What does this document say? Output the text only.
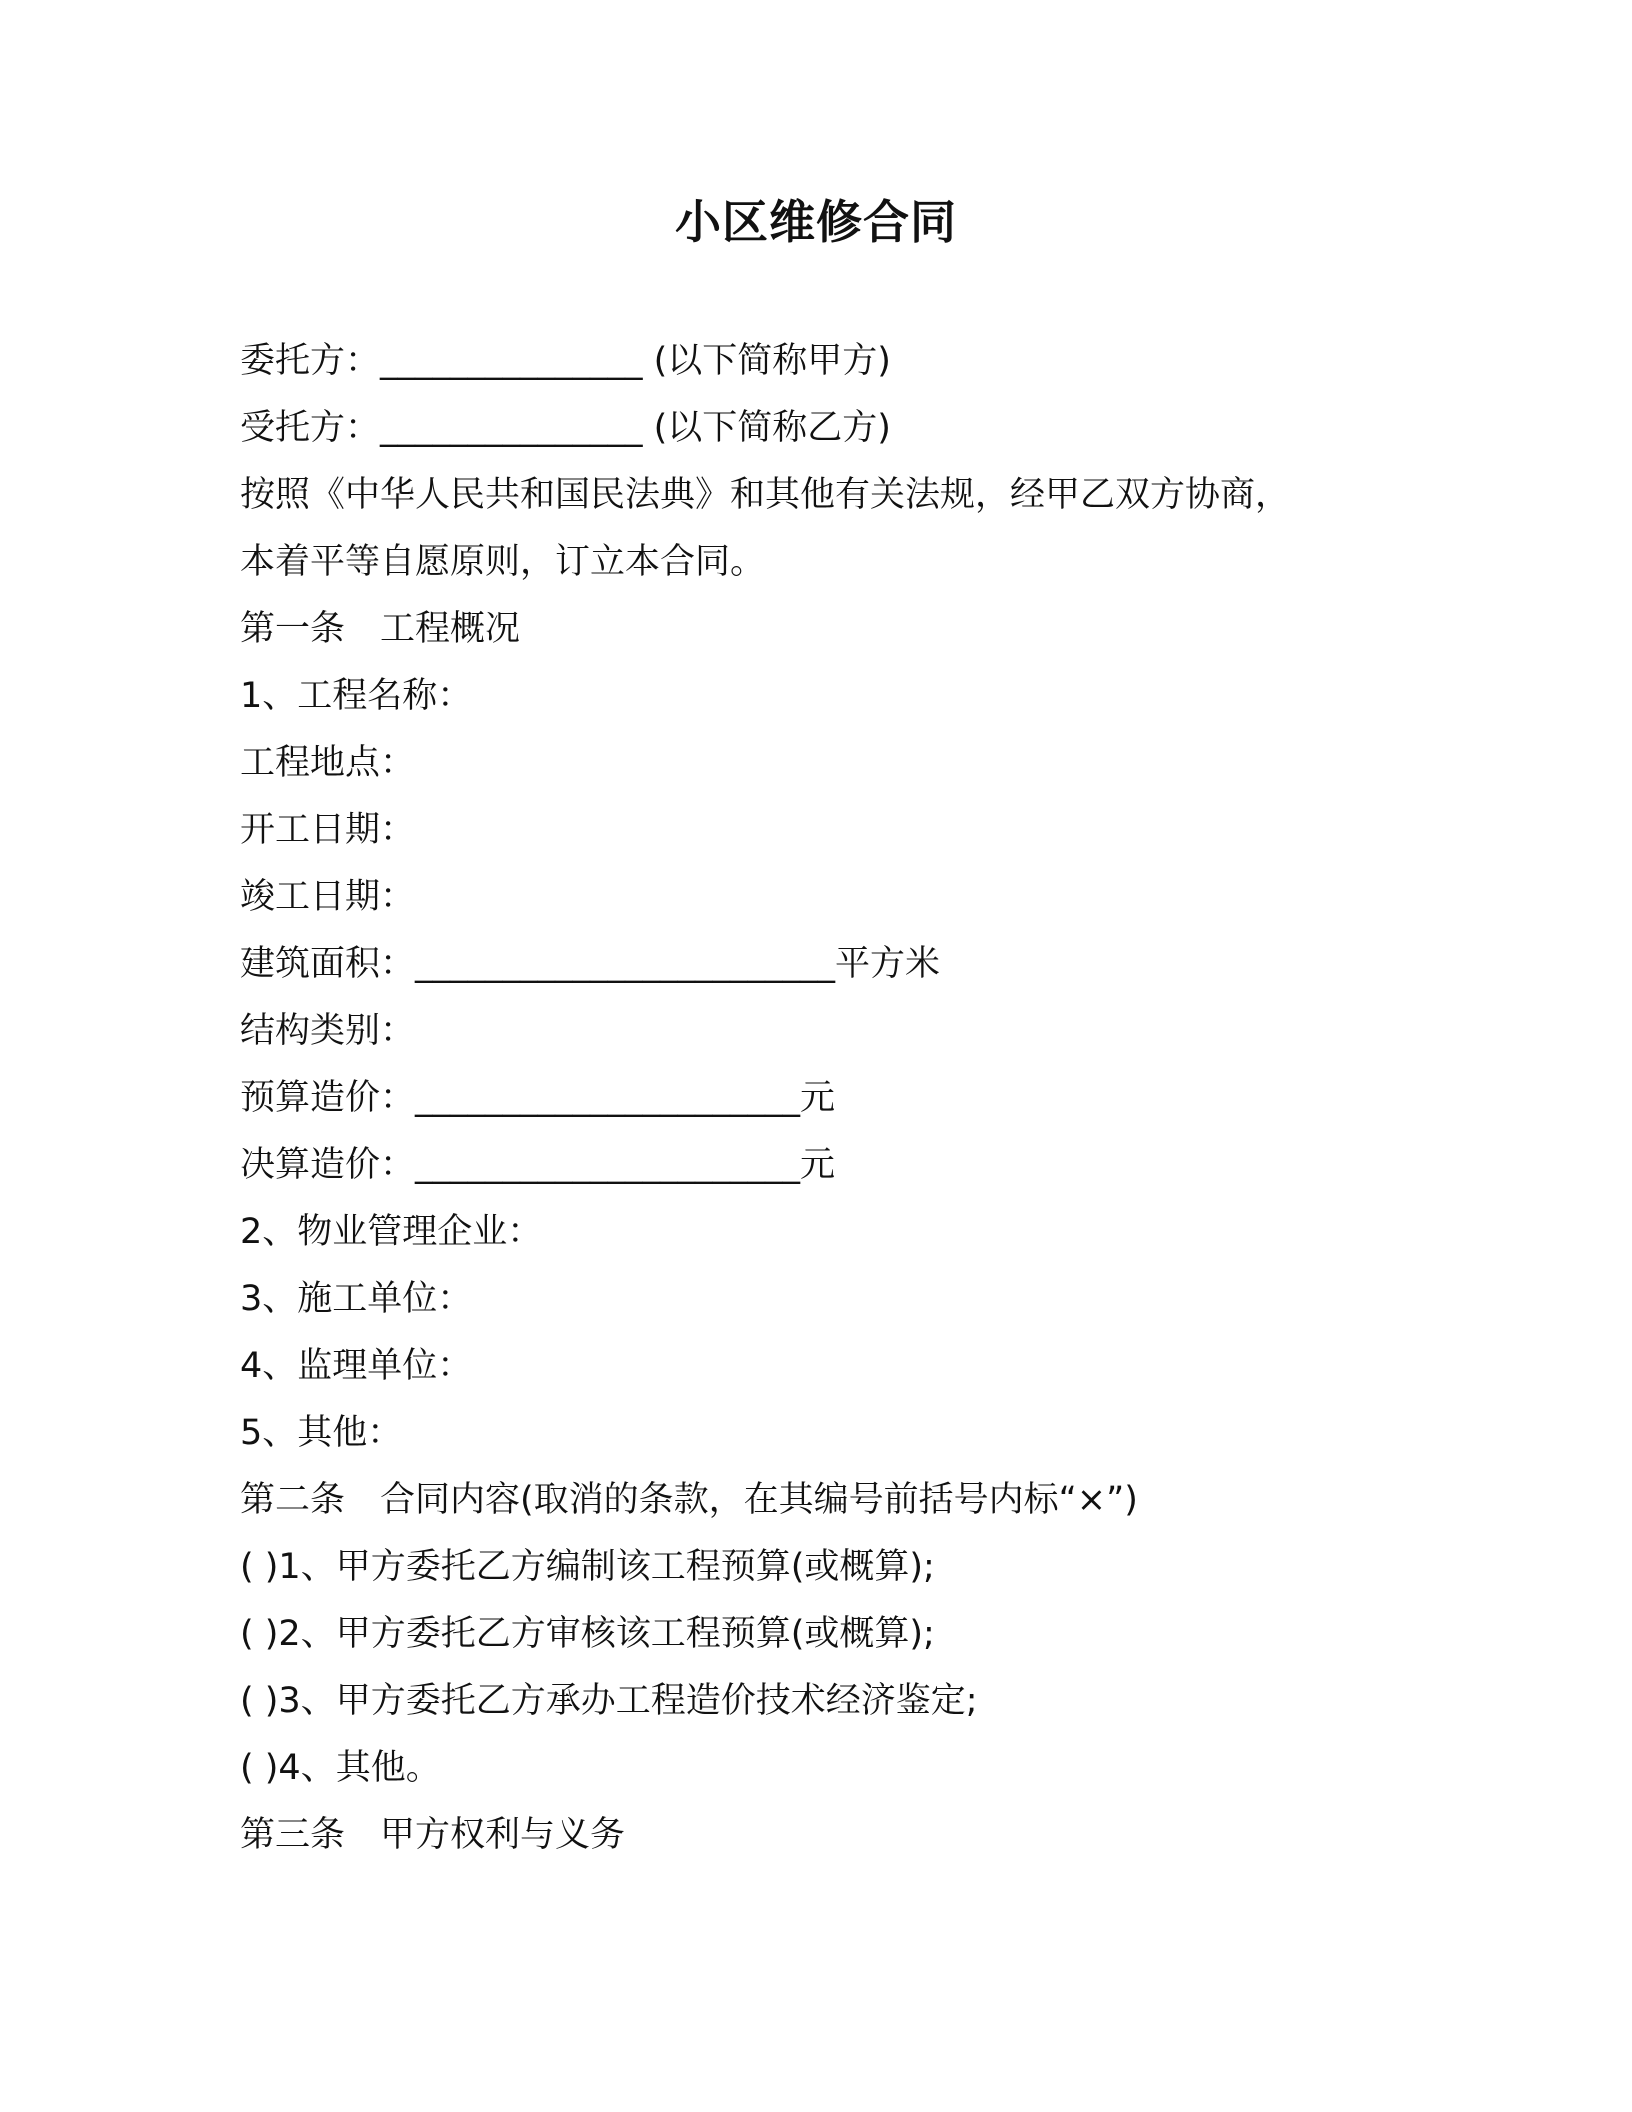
小区维修合同
委托方：_______________ (以下简称甲方)
受托方：_______________ (以下简称乙方)
按照《中华人民共和国民法典》和其他有关法规，经甲乙双方协商，
本着平等自愿原则，订立本合同。
第一条　工程概况
1、工程名称：
工程地点：
开工日期：
竣工日期：
建筑面积：________________________平方米
结构类别：
预算造价：______________________元
决算造价：______________________元
2、物业管理企业：
3、施工单位：
4、监理单位：
5、其他：
第二条　合同内容(取消的条款，在其编号前括号内标“×”)
( )1、甲方委托乙方编制该工程预算(或概算);
( )2、甲方委托乙方审核该工程预算(或概算);
( )3、甲方委托乙方承办工程造价技术经济鉴定;
( )4、其他。
第三条　甲方权利与义务
